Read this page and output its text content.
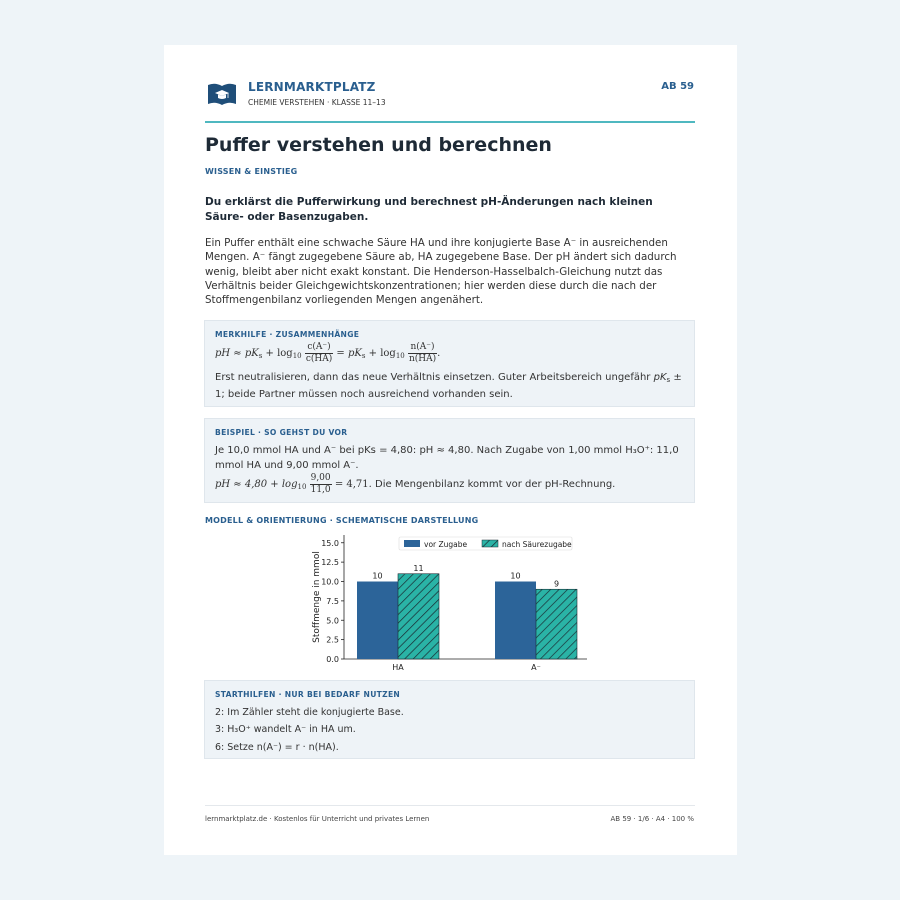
LERNMARKTPLATZ
CHEMIE VERSTEHEN · KLASSE 11–13
AB 59
Puffer verstehen und berechnen
WISSEN & EINSTIEG

Du erklärst die Pufferwirkung und berechnest pH-Änderungen nach kleinen Säure- oder Basenzugaben.

Ein Puffer enthält eine schwache Säure HA und ihre konjugierte Base A⁻ in ausreichenden Mengen. A⁻ fängt zugegebene Säure ab, HA zugegebene Base. Der pH ändert sich dadurch wenig, bleibt aber nicht exakt konstant. Die Henderson-Hasselbalch-Gleichung nutzt das Verhältnis beider Gleichgewichtskonzentrationen; hier werden diese durch die nach der Stoffmengenbilanz vorliegenden Mengen angenähert.

MERKHILFE · ZUSAMMENHÄNGE
pH ≈ $pK_s + \log_{10} \frac{c(A^-)}{c(HA)} = pK_s + \log_{10} \frac{n(A^-)}{n(HA)}$ .
Erst neutralisieren, dann das neue Verhältnis einsetzen. Guter Arbeitsbereich ungefähr $pK_s \pm 1$; beide Partner müssen noch ausreichend vorhanden sein.
BEISPIEL · SO GEHST DU VOR
Je 10,0 mmol HA und A⁻ bei pKs = 4,80: pH ≈ 4,80. Nach Zugabe von 1,00 mmol H₃O⁺: 11,0 mmol HA und 9,00 mmol A⁻.
pH ≈ $4,80 + \log_{10} \frac{9,00}{11,0} = 4,71$. Die Mengenbilanz kommt vor der pH-Rechnung.
MODELL & ORIENTIERUNG · SCHEMATISCHE DARSTELLUNG
0.0
2.5
5.0
7.5
10.0
12.5
15.0
Stoffmenge in mmol	10
11
HA
10
9
A⁻
vor Zugabe	nach Säurezugabe
STARTHILFEN · NUR BEI BEDARF NUTZEN
2: Im Zähler steht die konjugierte Base.
3: H₃O⁺ wandelt A⁻ in HA um.
6: Setze n(A⁻) = r · n(HA).
lernmarktplatz.de · Kostenlos für Unterricht und privates Lernen	AB 59 · 1/6 · A4 · 100 %
